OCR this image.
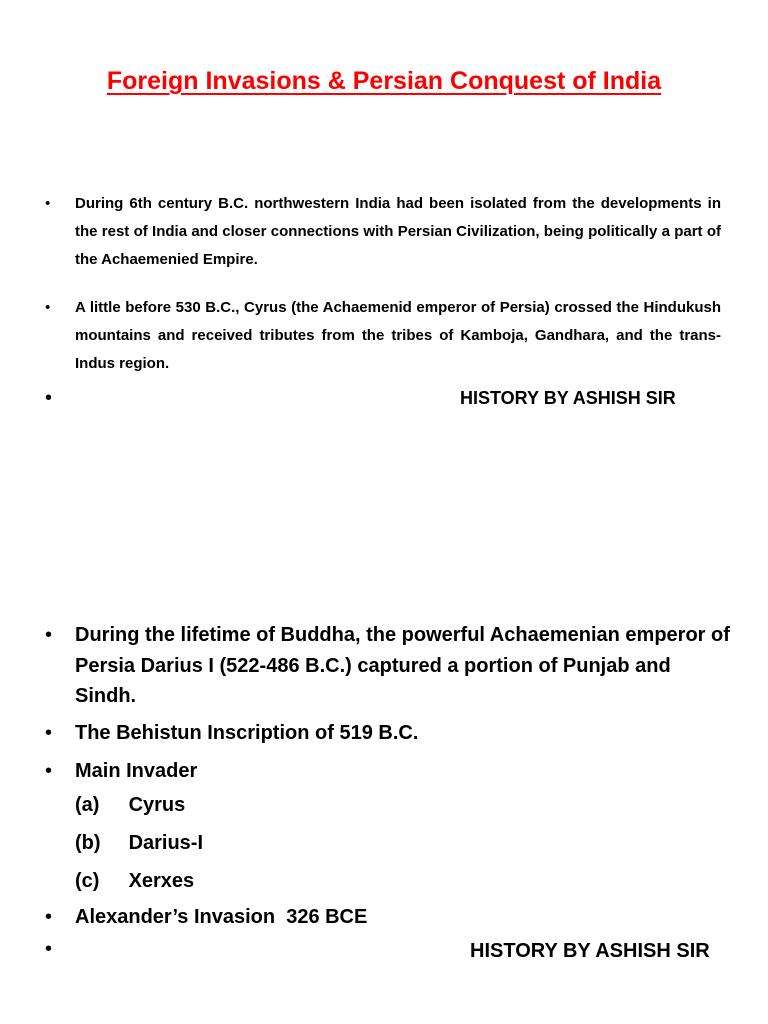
Foreign Invasions & Persian Conquest of India
• During 6th century B.C. northwestern India had been isolated from the developments in the rest of India and closer connections with Persian Civilization, being politically a part of the Achaemenied Empire.
• A little before 530 B.C., Cyrus (the Achaemenid emperor of Persia) crossed the Hindukush mountains and received tributes from the tribes of Kamboja, Gandhara, and the trans-Indus region.
•	HISTORY BY ASHISH SIR
• During the lifetime of Buddha, the powerful Achaemenian emperor of Persia Darius I (522-486 B.C.) captured a portion of Punjab and Sindh.
• The Behistun Inscription of 519 B.C.
• Main Invader
(a) Cyrus
(b) Darius-I
(c) Xerxes
• Alexander’s Invasion  326 BCE
•	HISTORY BY ASHISH SIR
